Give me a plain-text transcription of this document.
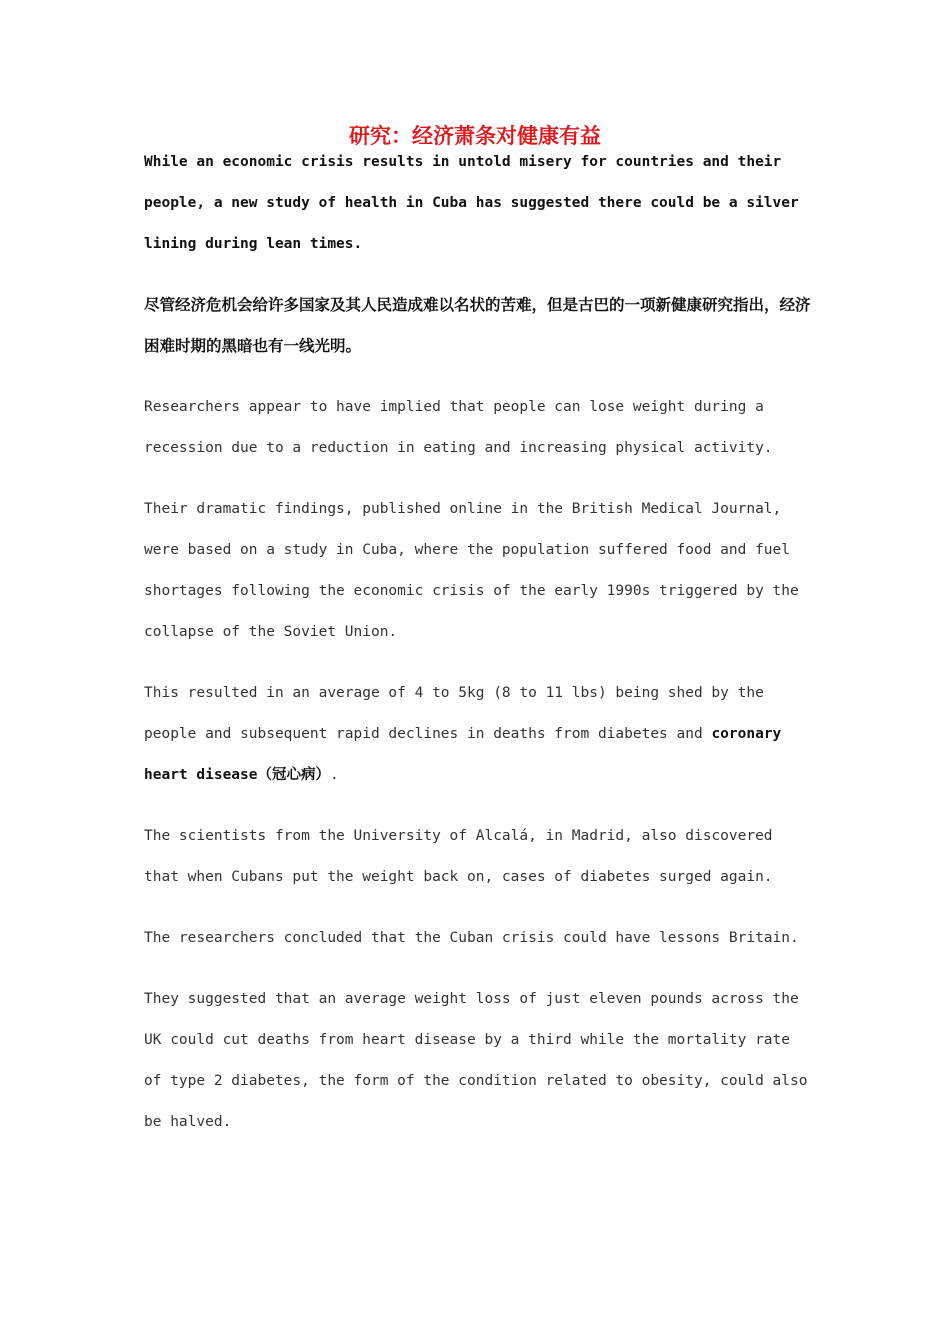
研究：经济萧条对健康有益

While an economic crisis results in untold misery for countries and their people, a new study of health in Cuba has suggested there could be a silver lining during lean times.

尽管经济危机会给许多国家及其人民造成难以名状的苦难，但是古巴的一项新健康研究指出，经济困难时期的黑暗也有一线光明。

Researchers appear to have implied that people can lose weight during a recession due to a reduction in eating and increasing physical activity.

Their dramatic findings, published online in the British Medical Journal, were based on a study in Cuba, where the population suffered food and fuel shortages following the economic crisis of the early 1990s triggered by the collapse of the Soviet Union.

This resulted in an average of 4 to 5kg (8 to 11 lbs) being shed by the people and subsequent rapid declines in deaths from diabetes and coronary heart disease（冠心病）.

The scientists from the University of Alcalá, in Madrid, also discovered that when Cubans put the weight back on, cases of diabetes surged again.

The researchers concluded that the Cuban crisis could have lessons Britain.

They suggested that an average weight loss of just eleven pounds across the UK could cut deaths from heart disease by a third while the mortality rate of type 2 diabetes, the form of the condition related to obesity, could also be halved.
